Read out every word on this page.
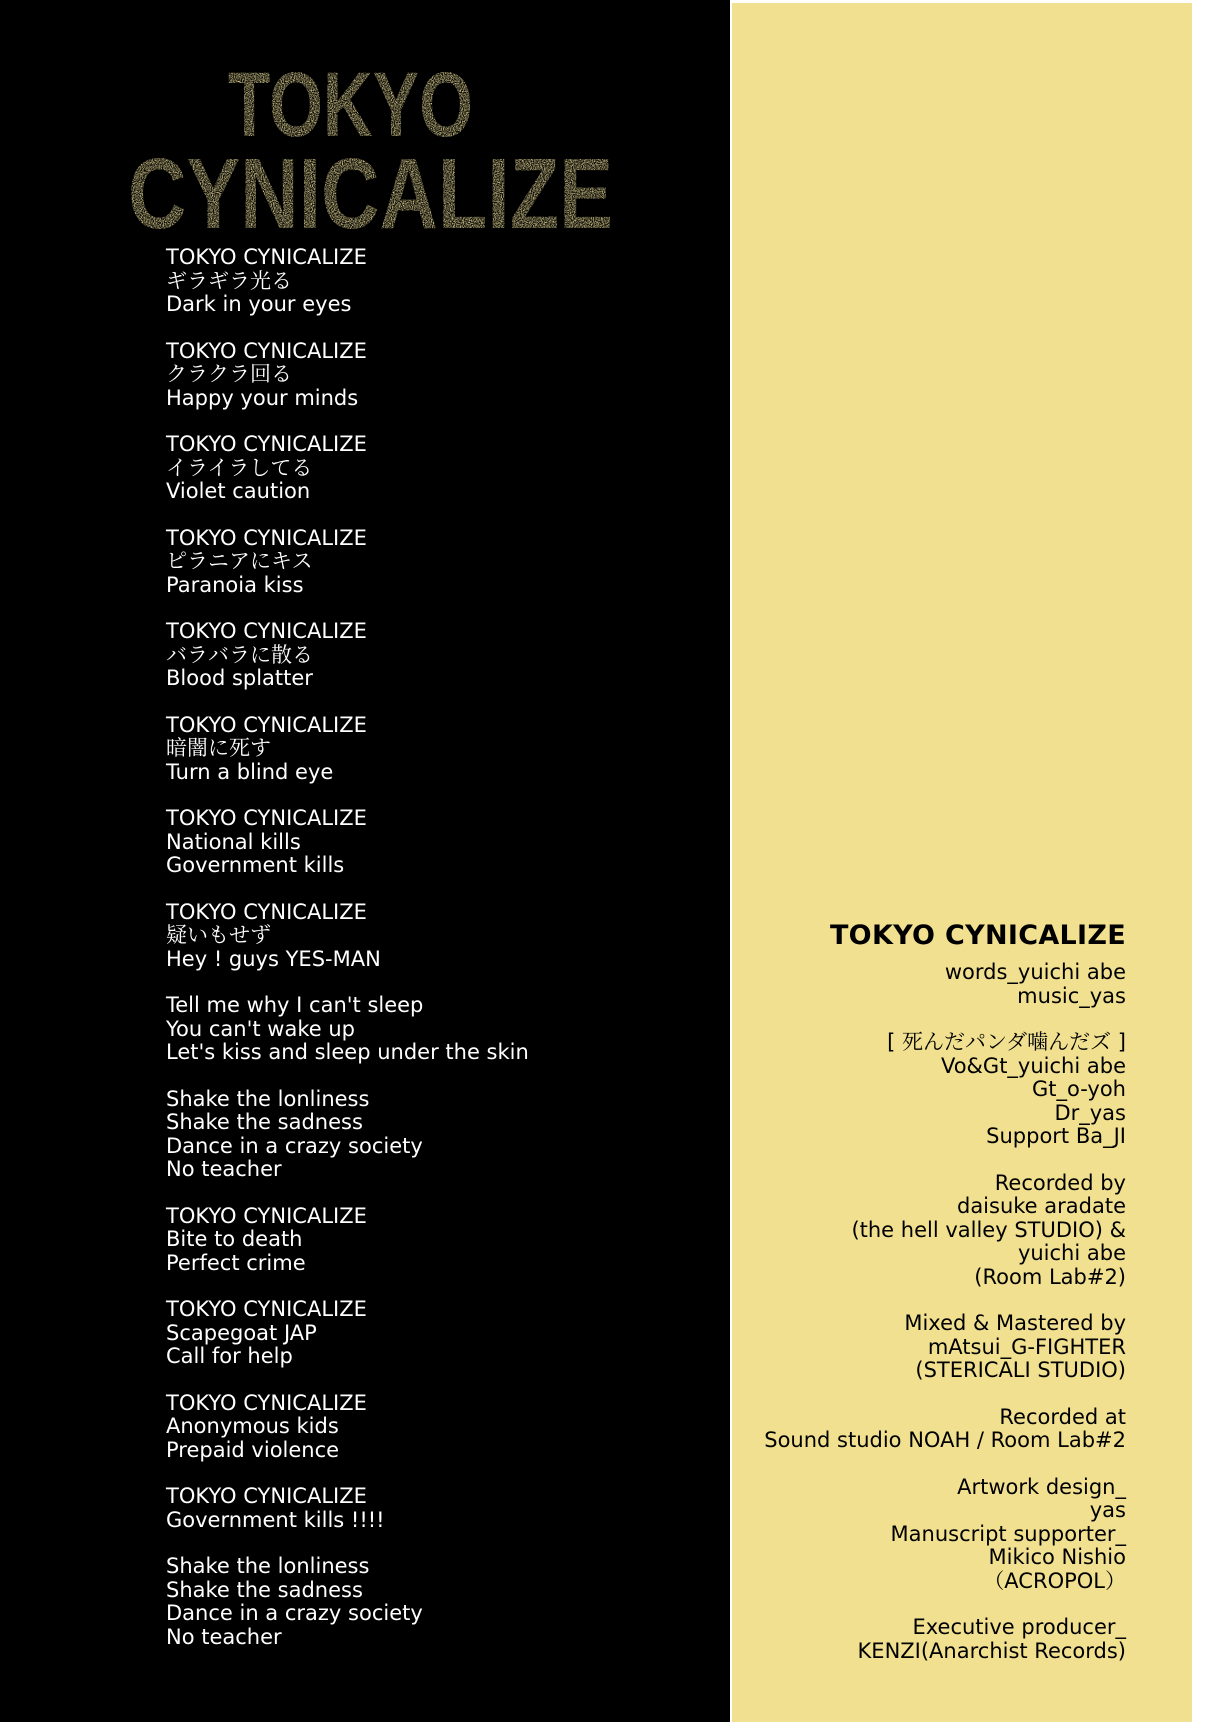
TOKYO
CYNICALIZE
TOKYO CYNICALIZE
ギラギラ光る
Dark in your eyes
TOKYO CYNICALIZE
クラクラ回る
Happy your minds
TOKYO CYNICALIZE
イライラしてる
Violet caution
TOKYO CYNICALIZE
ピラニアにキス
Paranoia kiss
TOKYO CYNICALIZE
バラバラに散る
Blood splatter
TOKYO CYNICALIZE
暗闇に死す
Turn a blind eye
TOKYO CYNICALIZE
National kills
Government kills
TOKYO CYNICALIZE
疑いもせず
Hey ! guys YES-MAN
Tell me why I can't sleep
You can't wake up
Let's kiss and sleep under the skin
Shake the lonliness
Shake the sadness
Dance in a crazy society
No teacher
TOKYO CYNICALIZE
Bite to death
Perfect crime
TOKYO CYNICALIZE
Scapegoat JAP
Call for help
TOKYO CYNICALIZE
Anonymous kids
Prepaid violence
TOKYO CYNICALIZE
Government kills !!!!
Shake the lonliness
Shake the sadness
Dance in a crazy society
No teacher
TOKYO CYNICALIZE
words_yuichi abe
music_yas
[ 死んだパンダ噛んだズ ]
Vo&Gt_yuichi abe
Gt_o-yoh
Dr_yas
Support Ba_JI
Recorded by
daisuke aradate
(the hell valley STUDIO) &
yuichi abe
(Room Lab#2)
Mixed & Mastered by
mAtsui_G-FIGHTER
(STERICALI STUDIO)
Recorded at
Sound studio NOAH / Room Lab#2
Artwork design_
yas
Manuscript supporter_
Mikico Nishio
（ACROPOL）
Executive producer_
KENZI(Anarchist Records)
